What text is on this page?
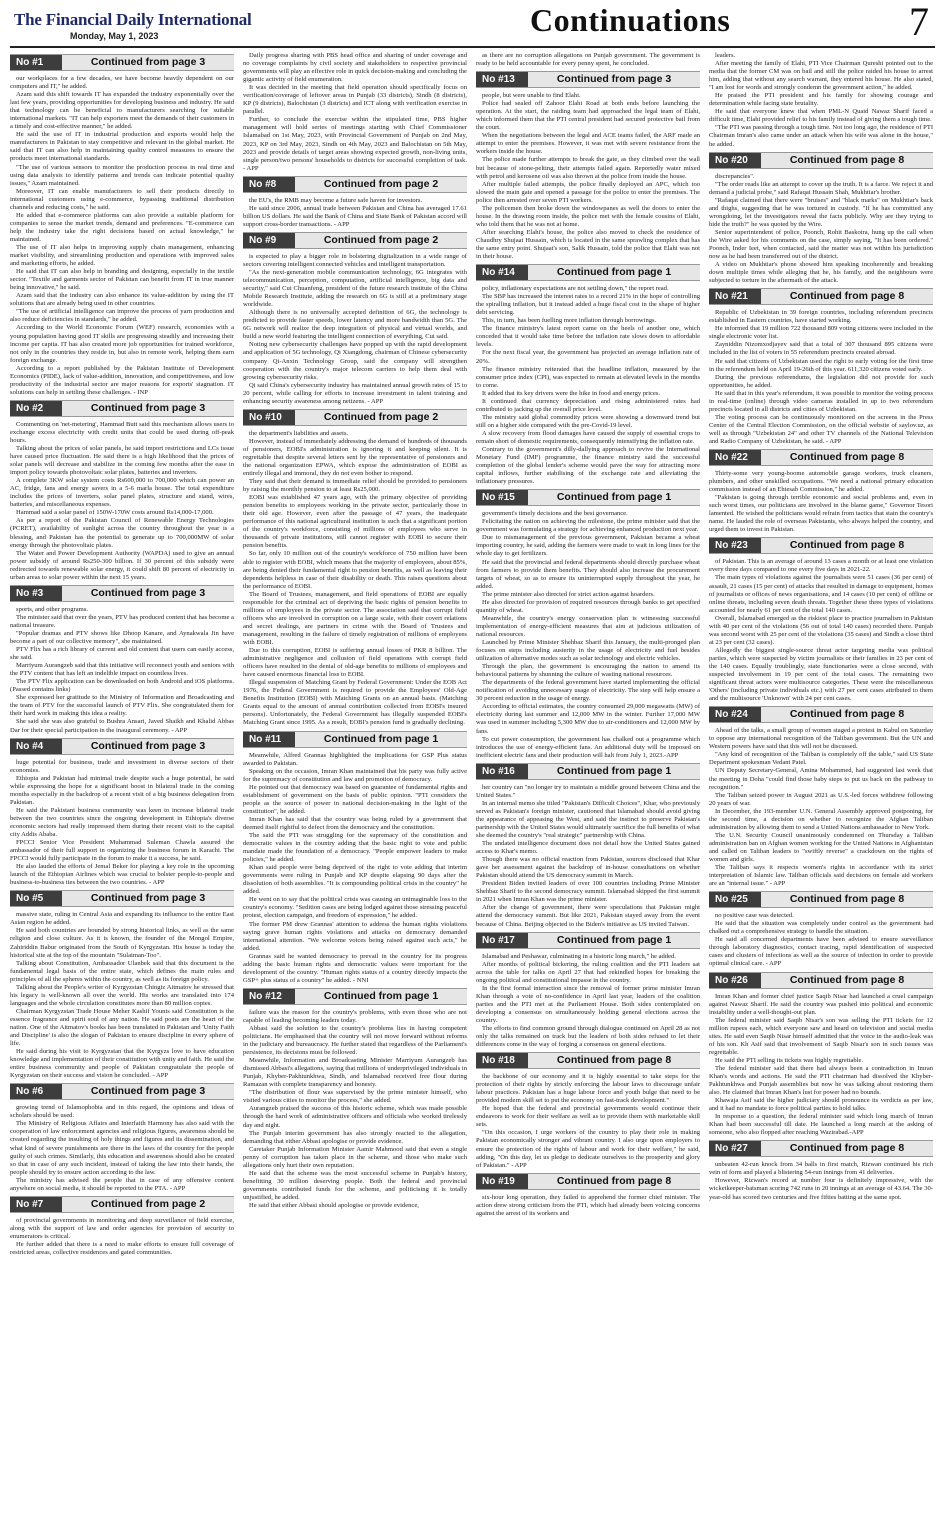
The Financial Daily International
Monday, May 1, 2023	Continuations	7
No #1	Continued from page 3

our workplaces for a few decades, we have become heavily dependent on our computers and IT," he added.

Azam said this shift towards IT has expanded the industry exponentially over the last few years, providing opportunities for developing business and industry. He said that technology can be beneficial to manufacturers searching for suitable international markets. "IT can help exporters meet the demands of their customers in a timely and cost-effective manner," he added.

He said the use of IT in industrial production and exports would help the manufacturers in Pakistan to stay competitive and relevant in the global market. He said that IT can also help in maintaining quality control measures to ensure the products meet international standards.

"The use of various sensors to monitor the production process in real time and using data analysis to identify patterns and trends can indicate potential quality issues," Azam maintained.

Moreover, IT can enable manufacturers to sell their products directly to international customers using e-commerce, bypassing traditional distribution channels and reducing costs," he said.

He added that e-commerce platforms can also provide a suitable platform for companies to sense the market trends, demand and preferences. "E-commerce can help the industry take the right decisions based on actual knowledge," he maintained.

The use of IT also helps in improving supply chain management, enhancing market visibility, and streamlining production and operations with improved sales and marketing efforts, he added.

He said that IT can also help in branding and designing, especially in the textile sector. "Textile and garments sector of Pakistan can benefit from IT in true manner being innovative," he said.

Azam said that the industry can also enhance its value-addition by using the IT solutions that are already being used in other countries.

"The use of artificial intelligence can improve the process of yarn production and also reduce deficiencies in standards," he added.

According to the World Economic Forum (WEF) research, economies with a young population having good IT skills are progressing steadily and increasing their income per capita. IT has also created more job opportunities for trained workforce, not only in the countries they reside in, but also in remote work, helping them earn foreign exchange.

According to a report published by the Pakistan Institute of Development Economics (PIDE), lack of value-addition, innovation, and competitiveness, and low productivity of the industrial sector are major reasons for exports' stagnation. IT solutions can help in settling these challenges. - INP

No #2	Continued from page 3

Commenting on 'net-metering', Hammad Butt said this mechanism allows users to exchange excess electricity with credit units that could be used during off-peak hours.

Talking about the prices of solar panels, he said import restrictions and LCs issue have caused price fluctuation. He said there is a high likelihood that the prices of solar panels will decrease and stabilize in the coming few months after the ease in import policy towards photovoltaic solar plates, batteries and inverters.

A complete 3KW solar system costs Rs600,000 to 700,000 which can power an AC, fridge, fans and energy savers in a 5-6 marla house. The total expenditure includes the prices of inverters, solar panel plates, structure and stand, wires, batteries, and miscellaneous expenses.

Hammad said a solar panel of 150W-170W costs around Rs14,000-17,000.

As per a report of the Pakistan Council of Renewable Energy Technologies (PCRET), availability of sunlight across the country throughout the year is a blessing, and Pakistan has the potential to generate up to 700,000MW of solar energy through the photovoltaic plates.

The Water and Power Development Authority (WAPDA) used to give an annual power subsidy of around Rs250-300 billion. If 30 percent of this subsidy were redirected towards renewable solar energy, it could shift 80 percent of electricity in urban areas to solar power within the next 15 years.

No #3	Continued from page 3

sports, and other programs.

The minister said that over the years, PTV has produced content that has become a national treasure.

"Popular dramas and PTV shows like Dhoop Kanare, and Aynakwala Jin have become a part of our collective memory", she maintained.

PTV Flix has a rich library of current and old content that users can easily access, she said.

Marriyum Aurangzeb said that this initiative will reconnect youth and seniors with the PTV content that has left an indelible impact on countless lives.

The PTV Flix application can be downloaded on both Android and iOS platforms. (Passed contains links)

She expressed her gratitude to the Ministry of Information and Broadcasting and the team of PTV for the successful launch of PTV Flix. She congratulated them for their hard work in making this idea a reality.

She said she was also grateful to Bushra Ansari, Javed Shaikh and Khalid Abbas Dar for their special participation in the inaugural ceremony. - APP

No #4	Continued from page 3

huge potential for business, trade and investment in diverse sectors of their economies.

Ethiopia and Pakistan had minimal trade despite such a huge potential, he said while expressing the hope for a significant boost in bilateral trade in the coming months especially in the backdrop of a recent visit of a big business delegation from Pakistan.

He said the Pakistani business community was keen to increase bilateral trade between the two countries since the ongoing development in Ethiopia's diverse economic sectors had really impressed them during their recent visit to the capital city Addis Ababa.

FPCCI Senior Vice President Muhammad Suleman Chawla assured the ambassador of their full support in organizing the business forum in Karachi. The FPCCI would fully participate in the forum to make it a success, he said.

He also lauded the efforts of Jemal Beker for playing a key role in the upcoming launch of the Ethiopian Airlines which was crucial to bolster people-to-people and business-to-business ties between the two countries. - APP

No #5	Continued from page 3

massive state, ruling in Central Asia and expanding its influence to the entire East Asian region he added.

He said both countries are bounded by strong historical links, as well as the same religion and close culture. As it is known, the founder of the Mongol Empire, Zahiriddin Babur originated from the South of Kyrgyzstan. His house is today the historical site at the top of the mountain "Sulaiman-Too".

Talking about Constitution, Ambassador Ulanbek said that this document is the fundamental legal basis of the entire state, which defines the main rules and principles of all the spheres within the country, as well as its foreign policy.

Talking about the People's writer of Kyrgyzstan Chingiz Aitmatov he stressed that his legacy is well-known all over the world. His works are translated into 174 languages and the whole circulation constitutes more than 80 million copies.

Chairman Kyrgyzstan Trade House Meher Kashif Younis said Constitution is the essence fragrance and spirit soul of any nation. He said poets are the heart of the nation. One of the Aitmatov's books has been translated in Pakistan and 'Unity Faith and Discipline' is also the slogan of Pakistan to ensure discipline in every sphere of life.

He said during his visit to Kyrgyzstan that the Kyrgyzs love to have education knowledge and implementation of their constitution with unity and faith. He said the entire business community and people of Pakistan congratulate the people of Kyrgyzstan on their success and vision he concluded. - APP

No #6	Continued from page 3

growing trend of Islamophobia and in this regard, the opinions and ideas of scholars should be used.

The Ministry of Religious Affairs and Interfaith Harmony has also said with the cooperation of law enforcement agencies and religious figures, awareness should be created regarding the insulting of holy things and figures and its dissemination, and what kind of severe punishments are there in the laws of the country for the people guilty of such crimes. Similarly, this education and awareness should also be created so that in case of any such incident, instead of taking the law into their hands, the people should try to ensure action according to the law.

The ministry has advised the people that in case of any offensive content anywhere on social media, it should be reported to the PTA. - APP

No #7	Continued from page 2

of provincial governments in monitoring and deep surveillance of field exercise, along with the support of law and order agencies for provision of security to enumerators is critical.

He further added that there is a need to make efforts to ensure full coverage of restricted areas, collective residences and gated communities.

Daily progress sharing with PBS head office and sharing of under coverage and no coverage complaints by civil society and stakeholders to respective provincial governments will play an effective role in quick decision-making and concluding the gigantic activity of field enumeration.

It was decided in the meeting that field operation should specifically focus on verification/coverage of leftover areas in Punjab (33 districts), Sindh (8 districts), KP (9 districts), Balochistan (3 districts) and ICT along with verification exercise in parallel.

Further, to conclude the exercise within the stipulated time, PBS higher management will hold series of meetings starting with Chief Commissioner Islamabad on 1st May, 2023, with Provincial Government of Punjab on 2nd May, 2023, KP on 3rd May, 2023, Sindh on 4th May, 2023 and Balochistan on 5th May, 2023 and provide details of target areas showing expected growth, non-living units, single person/two persons' households to districts for successful completion of task. - APP

No #8	Continued from page 2

the EU's, the RMB may become a future safe haven for investors.

He said since 2006, annual trade between Pakistan and China has averaged 17.61 billion US dollars. He said the Bank of China and State Bank of Pakistan accord will support cross-border transactions. - APP

No #9	Continued from page 2

is expected to play a bigger role in bolstering digitalization in a wide range of sectors covering intelligent connected vehicles and intelligent transportation.

"As the next-generation mobile communication technology, 6G integrates with telecommunication, perception, computation, artificial intelligence, big data and security," said Cui Chuanfeng, president of the future research institute of the China Mobile Research Institute, adding the research on 6G is still at a preliminary stage worldwide.

Although there is no universally accepted definition of 6G, the technology is predicted to provide faster speeds, lower latency and more bandwidth than 5G. The 6G network will realize the deep integration of physical and virtual worlds, and build a new world featuring the intelligent connection of everything, Cui said.

Noting new cybersecurity challenges have popped up with the rapid development and application of 5G technology, Qi Xiangdong, chairman of Chinese cybersecurity company Qi-Anxin Technology Group, said the company will strengthen cooperation with the country's major telecom carriers to help them deal with growing cybersecurity risks.

Qi said China's cybersecurity industry has maintained annual growth rates of 15 to 20 percent, while calling for efforts to increase investment in talent training and enhancing security awareness among netizens. - APP

No #10	Continued from page 2

the department's liabilities and assets.

However, instead of immediately addressing the demand of hundreds of thousands of pensioners, EOBI's administration is ignoring it and keeping silent. It is regrettable that despite several letters sent by the representative of pensioners and the national organization EPWA, which expose the administration of EOBI as entirely illegal and immoral, they do not even bother to respond.

They said that their demand is immediate relief should be provided to pensioners by raising the monthly pension to at least Rs25,000.

EOBI was established 47 years ago, with the primary objective of providing pension benefits to employees working in the private sector, particularly those in their old age. However, even after the passage of 47 years, the inadequate performance of this national agricultural institution is such that a significant portion of the country's workforce, consisting of millions of employees who serve in thousands of private institutions, still cannot register with EOBI to secure their pension benefits.

So far, only 10 million out of the country's workforce of 750 million have been able to register with EOBI, which means that the majority of employees, about 85%, are being denied their fundamental right to pension benefits, as well as leaving their dependents helpless in case of their disability or death. This raises questions about the performance of EOBI.

The Board of Trustees, management, and field operations of EOBI are equally responsible for the criminal act of depriving the basic rights of pension benefits to millions of employees in the private sector. The association said that corrupt field officers who are involved in corruption on a large scale, with their covert relations and secret dealings, are partners in crime with the Board of Trustees and management, resulting in the failure of timely registration of millions of employees with EOBI.

Due to this corruption, EOBI is suffering annual losses of PKR 8 billion. The administrative negligence and collusion of field operations with corrupt field officers have resulted in the denial of old-age benefits to millions of employees and have caused enormous financial loss to EOBI.

Illegal suspension of Matching Grant by Federal Government: Under the EOB Act 1976, the Federal Government is required to provide the Employees' Old-Age Benefits Institution (EOBI) with Matching Grants on an annual basis. (Matching Grants equal to the amount of annual contribution collected from EOBI's insured persons). Unfortunately, the Federal Government has illegally suspended EOBI's Matching Grant since 1995. As a result, EOBI's pension fund is gradually declining.

No #11	Continued from page 1

Meanwhile, Alfred Grannas highlighted the implications for GSP Plus status awarded to Pakistan.

Speaking on the occasion, Imran Khan maintained that his party was fully active for the supremacy of constitution and law and promotion of democracy.

He pointed out that democracy was based on guarantee of fundamental rights and establishment of government on the basis of public opinion. "PTI considers the people as the source of power in national decision-making in the light of the constitution", he added.

Imran Khan has said that the country was being ruled by a government that deemed itself rightful to defect from the democracy and the constitution.

The said the PTI was struggling for the supremacy of the constitution and democratic values in the country adding that the basic right to vote and public mandate made the foundation of a democracy. "People empower leaders to make policies," he added.

Khan said people were being deprived of the right to vote adding that interim governments were ruling in Punjab and KP despite elapsing 90 days after the dissolution of both assemblies. "It is compounding political crisis in the country" he added.

He went on to say that the political crisis was causing an unimaginable loss to the country's economy. "Sedition cases are being lodged against those stressing peaceful protest, election campaign, and freedom of expression," he added.

The former PM drew Grannas' attention to address the human rights violations saying grave human rights violations and attacks on democracy demanded international attention. "We welcome voices being raised against such acts," he added.

Grannas said he wanted democracy to prevail in the country for its progress adding the basic human rights and democratic values were important for the development of the country. "Human rights status of a country directly impacts the GSP+ plus status of a country" he added. - NNI

No #12	Continued from page 1

failure was the reason for the country's problems, with even those who are not capable of leading becoming leaders today.

Abbasi said the solution to the country's problems lies in having competent politicians. He emphasised that the country will not move forward without reforms in the judiciary and bureaucracy. He further stated that regardless of the Parliament's persistence, its decisions must be followed.

Meanwhile, Information and Broadcasting Minister Marriyum Aurangzeb has dismissed Abbasi's allegations, saying that millions of underprivileged individuals in Punjab, Khyber-Pakhtunkhwa, Sindh, and Islamabad received free flour during Ramazan with complete transparency and honesty.

"The distribution of flour was supervised by the prime minister himself, who visited various cities to monitor the process," she added.

Aurangzeb praised the success of this historic scheme, which was made possible through the hard work of administrative officers and officials who worked tirelessly day and night.

The Punjab interim government has also strongly reacted to the allegation, demanding that either Abbasi apologise or provide evidence.

Caretaker Punjab Information Minister Aamir Mahmood said that even a single penny of corruption has taken place in the scheme, and those who make such allegations only hurt their own reputation.

He said that the scheme was the most successful scheme in Punjab's history, benefitting 30 million deserving people. Both the federal and provincial governments contributed funds for the scheme, and politicising it is totally unjustified, he added.

He said that either Abbasi should apologise or provide evidence,

as there are no corruption allegations on Punjab government. The government is ready to be held accountable for every penny spent, he concluded.

No #13	Continued from page 3

people, but were unable to find Elahi.

Police had sealed off Zahoor Elahi Road at both ends before launching the operation. At the start, the raiding team had approached the legal team of Elahi, which informed them that the PTI central president had secured protective bail from the court.

When the negotiations between the legal and ACE teams failed, the ARF made an attempt to enter the premises. However, it was met with severe resistance from the workers inside the house.

The police made further attempts to break the gate, as they climbed over the wall but because of stone-pelting, their attempts failed again. Reportedly water mixed with petrol and kerosene oil was also thrown at the police from inside the house.

After multiple failed attempts, the police finally deployed an APC, which too slowed the main gate and opened a passage for the police to enter the premises. The police then arrested over seven PTI workers.

The policemen then broke down the windowpanes as well the doors to enter the house. In the drawing room inside, the police met with the female cousins of Elahi, who told them that he was not at home.

After searching Elahi's house, the police also moved to check the residence of Chaudhry Shujaat Hussain, which is located in the same sprawling complex that has the same entry point. Shujaat's son, Salik Hussain, told the police that Elahi was not in their house.

No #14	Continued from page 1

policy, inflationary expectations are not settling down," the report read.

The SBP has increased the interest rates to a record 21% in the hope of controlling the spiralling inflation, but it instead added a huge fiscal cost in the shape of higher debt servicing.

This, in turn, has been fuelling more inflation through borrowings.

The finance ministry's latest report came on the heels of another one, which conceded that it would take time before the inflation rate slows down to affordable levels.

For the next fiscal year, the government has projected an average inflation rate of 20%.

The finance ministry reiterated that the headline inflation, measured by the consumer price index (CPI), was expected to remain at elevated levels in the months to come.

It added that its key drivers were the hike in food and energy prices.

It continued that currency depreciation and rising administered rates had contributed to jacking up the overall price level.

The ministry said global commodity prices were showing a downward trend but still on a higher side compared with the pre-Covid-19 level.

A slow recovery from flood damages have caused the supply of essential crops to remain short of domestic requirements, consequently intensifying the inflation rate.

Contrary to the government's dilly-dallying approach to revive the International Monetary Fund (IMF) programme, the finance ministry said the successful completion of the global lender's scheme would pave the way for attracting more capital inflows, further stabilising of the exchange rate and alleviating the inflationary pressures.

No #15	Continued from page 1

government's timely decisions and the best governance.

Felicitating the nation on achieving the milestone, the prime minister said that the government was formulating a strategy for achieving enhanced production next year.

Due to mismanagement of the previous government, Pakistan became a wheat importing country, he said, adding the farmers were made to wait in long lines for the whole day to get fertilizers.

He said that the provincial and federal departments should directly purchase wheat from farmers to provide them benefits. They should also increase the procurement targets of wheat, so as to ensure its uninterrupted supply throughout the year, he added.

The prime minister also directed for strict action against hoarders.

He also directed for provision of required resources through banks to get specified quantity of wheat.

Meanwhile, the country's energy conservation plan is witnessing successful implementation of energy-efficient measures that aim at judicious utilization of national resources.

Launched by Prime Minister Shehbaz Sharif this January, the multi-pronged plan focuses on steps including austerity in the usage of electricity and fuel besides utilization of alternative modes such as solar technology and electric vehicles.

Through the plan, the government is encouraging the nation to amend its behavioural patterns by shunning the culture of wasting national resources.

The departments of the federal government have started implementing the official notification of avoiding unnecessary usage of electricity. The step will help ensure a 30 percent reduction in the usage of energy.

According to official estimates, the country consumed 29,000 megawatts (MW) of electricity during last summer and 12,000 MW in the winter. Further 17,000 MW was used in summer including 5,300 MW due to air-conditioners and 12,000 MW by fans.

To cut power consumption, the government has chalked out a programme which introduces the use of energy-efficient fans. An additional duty will be imposed on inefficient electric fans and their production will halt from July 1, 2023.-APP

No #16	Continued from page 1

her country can "no longer try to maintain a middle ground between China and the United States."

In an internal memo she titled "Pakistan's Difficult Choices", Khar, who previously served as Pakistan's foreign minister, cautioned that Islamabad should avoid giving the appearance of appeasing the West, and said the instinct to preserve Pakistan's partnership with the United States would ultimately sacrifice the full benefits of what she deemed the country's "real strategic" partnership with China.

The undated intelligence document does not detail how the United States gained access to Khar's memo.

Though there was no official reaction from Pakistan, sources disclosed that Khar gave her assessment against the backdrop of in-house consultations on whether Pakistan should attend the US democracy summit in March.

President Biden invited leaders of over 100 countries including Prime Minister Shehbaz Sharif to the second democracy summit. Islamabad skipped the first summit in 2021 when Imran Khan was the prime minister.

After the change of government, there were speculations that Pakistan might attend the democracy summit. But like 2021, Pakistan stayed away from the event because of China. Beijing objected to the Biden's initiative as US invited Taiwan.

No #17	Continued from page 1

Islamabad and Peshawar, culminating in a historic long march," he added.

After months of political bickering, the ruling coalition and the PTI leaders sat across the table for talks on April 27 that had rekindled hopes for breaking the ongoing political and constitutional impasse in the country.

In the first formal interaction since the removal of former prime minister Imran Khan through a vote of no-confidence in April last year, leaders of the coalition parties and the PTI met at the Parliament House. Both sides contemplated on developing a consensus on simultaneously holding general elections across the country.

The efforts to find common ground through dialogue continued on April 28 as not only the talks remained on track but the leaders of both sides refused to let their differences come in the way of forging a consensus on general elections.

No #18	Continued from page 8

the backbone of our economy and it is highly essential to take steps for the protection of their rights by strictly enforcing the labour laws to discourage unfair labour practices. Pakistan has a huge labour force and youth bulge that need to be provided modern skill set to put the economy on fast-track development."

He hoped that the federal and provincial governments would continue their endeavors to work for their welfare as well as to provide them with marketable skill sets.

"On this occasion, I urge workers of the country to play their role in making Pakistan economically stronger and vibrant country. I also urge upon employers to ensure the protection of the rights of labour and work for their welfare," he said, adding, "On this day, let us pledge to dedicate ourselves to the prosperity and glory of Pakistan." - APP

No #19	Continued from page 8

six-hour long operation, they failed to apprehend the former chief minister. The action drew strong criticism from the PTI, which had already been voicing concerns against the arrest of its workers and

leaders.

After meeting the family of Elahi, PTI Vice Chairman Qureshi pointed out to the media that the former CM was on bail and still the police raided his house to arrest him, adding that without any search warrant, they entered his house. He also stated, "I am lost for words and strongly condemn the government action," he added.

He praised the PTI president and his family for showing courage and determination while facing state brutality.

He said that everyone knew that when PML-N Quaid Nawaz Sharif faced a difficult time, Elahi provided relief to his family instead of giving them a tough time.

"The PTI was passing through a tough time. Not too long ago, the residence of PTI Chairman Imran's also came under an attack when his wife was alone in the house," he added.

No #20	Continued from page 8

discrepancies".

"The order reads like an attempt to cover up the truth. It is a farce. We reject it and demand a judicial probe," said Rafaqat Hussain Shah, Mukhtiar's brother.

"Rafaqat claimed that there were "bruises" and "black marks" on Mukhtiar's back and thighs, suggesting that he was tortured in custody. "If he has committed any wrongdoing, let the investigators reveal the facts publicly. Why are they trying to hide the truth?" he was quoted by the Wire.

Senior superintendent of police, Poonch, Rohit Baskotra, hung up the call when the Wire asked for his comments on the case, simply saying, "It has been ordered." Poonch, Inder Ieet, when contacted, said the matter was not within his jurisdiction now as he had been transferred out of the district.

A video on Mukhtiar's phone showed him speaking incoherently and breaking down multiple times while alleging that he, his family, and the neighbours were subjected to torture in the aftermath of the attack.

No #21	Continued from page 8

Republic of Uzbekistan in 39 foreign countries, including referendum precincts established in Eastern countries, have started working.

He informed that 19 million 722 thousand 809 voting citizens were included in the single electronic voter list.

Zayniddin Nizomxodjayev said that a total of 307 thousand 895 citizens were included in the list of voters in 55 referendum precincts created abroad.

He said that citizens of Uzbekistan used the right to early voting for the first time in the referendum held on April 19-26th of this year. 611,320 citizens voted early.

During the previous referendums, the legislation did not provide for such opportunities, he added.

He said that in this year's referendum, it was possible to monitor the voting process in real-time (online) through video cameras installed in up to two referendum precincts located in all districts and cities of Uzbekistan.

The voting process can be continuously monitored on the screens in the Press Center of the Central Election Commission, on the official website of saylov.uz, as well as through "Uzbekistan 24" and other TV channels of the National Television and Radio Company of Uzbekistan, he said. - APP

No #22	Continued from page 8

Thirty-some very young-boome automobile garage workers, truck cleaners, plumbers, and other unskilled occupations. "We need a national primary education commission instead of an Ehtesab Commission," he added.

"Pakistan is going through terrible economic and social problems and, even in such worst times, our politicians are involved in the blame game," Governor Tesori lamented. He wished the politicians would refrain from tactics that stain the country's name. He lauded the role of overseas Pakistanis, who always helped the country, and urged them to invest in Pakistan.

No #23	Continued from page 8

of Pakistan. This is an average of around 13 cases a month or at least one violation every three days compared to one every five days in 2021-22.

The main types of violations against the journalists were 51 cases (36 per cent) of assault, 21 cases (15 per cent) of attacks that resulted in damage to equipment, homes of journalists or offices of news organisations, and 14 cases (10 per cent) of offline or online threats, including seven death threats. Together these three types of violations accounted for nearly 61 per cent of the total 140 cases.

Overall, Islamabad emerged as the riskiest place to practice journalism in Pakistan with 40 per cent of the violations (56 out of total 140 cases) recorded there. Punjab was second worst with 25 per cent of the violations (35 cases) and Sindh a close third at 23 per cent (32 cases).

Allegedly the biggest single-source threat actor targeting media was political parties, which were suspected by victim journalists or their families in 23 per cent of the 140 cases. Equally troublingly, state functionaries were a close second, with suspected involvement in 19 per cent of the total cases. The remaining two significant threat actors were multisource categories. These were the miscellaneous 'Others' (including private individuals etc.) with 27 per cent cases attributed to them and the multisource 'Unknown' with 24 per cent cases.

No #24	Continued from page 8

Ahead of the talks, a small group of women staged a protest in Kabul on Saturday to oppose any international recognition of the Taliban government. But the UN and Western powers have said that this will not be discussed.

"Any kind of recognition of the Taliban is completely off the table," said US State Department spokesman Vedant Patel.

UN Deputy Secretary-General, Amina Mohammed, had suggested last week that the meeting in Doha "could find those baby steps to put us back on the pathway to recognition."

The Taliban seized power in August 2021 as U.S.-led forces withdrew following 20 years of war.

In December, the 193-member U.N. General Assembly approved postponing, for the second time, a decision on whether to recognize the Afghan Taliban administration by allowing them to send a United Nations ambassador to New York.

The U.N. Security Council unanimously condemned on Thursday a Taliban administration ban on Afghan women working for the United Nations in Afghanistan and called on Taliban leaders to "swiftly reverse" a crackdown on the rights of women and girls.

The Taliban says it respects women's rights in accordance with its strict interpretation of Islamic law. Taliban officials said decisions on female aid workers are an "internal issue." - APP

No #25	Continued from page 8

no positive case was detected.

He said that the situation was completely under control as the government had chalked out a comprehensive strategy to handle the situation.

He said all concerned departments have been advised to ensure surveillance through laboratory diagnostics, contact tracing, rapid identification of suspected cases and clusters of infections as well as the source of infection in order to provide optimal clinical care. - APP

No #26	Continued from page 8

Imran Khan and former chief justice Saqib Nisar had launched a cruel campaign against Nawaz Sharif. He said the country was pushed into political and economic instability under a well-thought-out plan.

The federal minister said Saqib Nisar's son was selling the PTI tickets for 12 million rupees each, which everyone saw and heard on television and social media sites. He said even Saqib Nisar himself admitted that the voice in the audio-leak was of his son. Kh Asif said that involvement of Saqib Nisar's son in such issues was regrettable.

He said the PTI selling its tickets was highly regrettable.

The federal minister said that there had always been a contradiction in Imran Khan's words and actions. He said the PTI chairman had dissolved the Khyber-Pakhtunkhwa and Punjab assemblies but now he was talking about restoring them also. He claimed that Imran Khan's lust for power had no bounds.

Khawaja Asif said the higher judiciary should pronounce its verdicts as per law, and it had no mandate to force political parties to hold talks.

In response to a question, the federal minister said which long march of Imran Khan had been successful till date. He launched a long march at the asking of someone, who also flopped after reaching Wazirabad.-APP

No #27	Continued from page 8

unbeaten 42-run knock from 34 balls in first match, Rizwan continued his rich vein of form and played a blistering 54-run innings from 41 deliveries.

However, Rizwan's record at number four is definitely impressive, with the wicketkeeper-batsman scoring 742 runs in 20 innings at an average of 43.64. The 30-year-old has scored two centuries and five fifties batting at the same spot.
